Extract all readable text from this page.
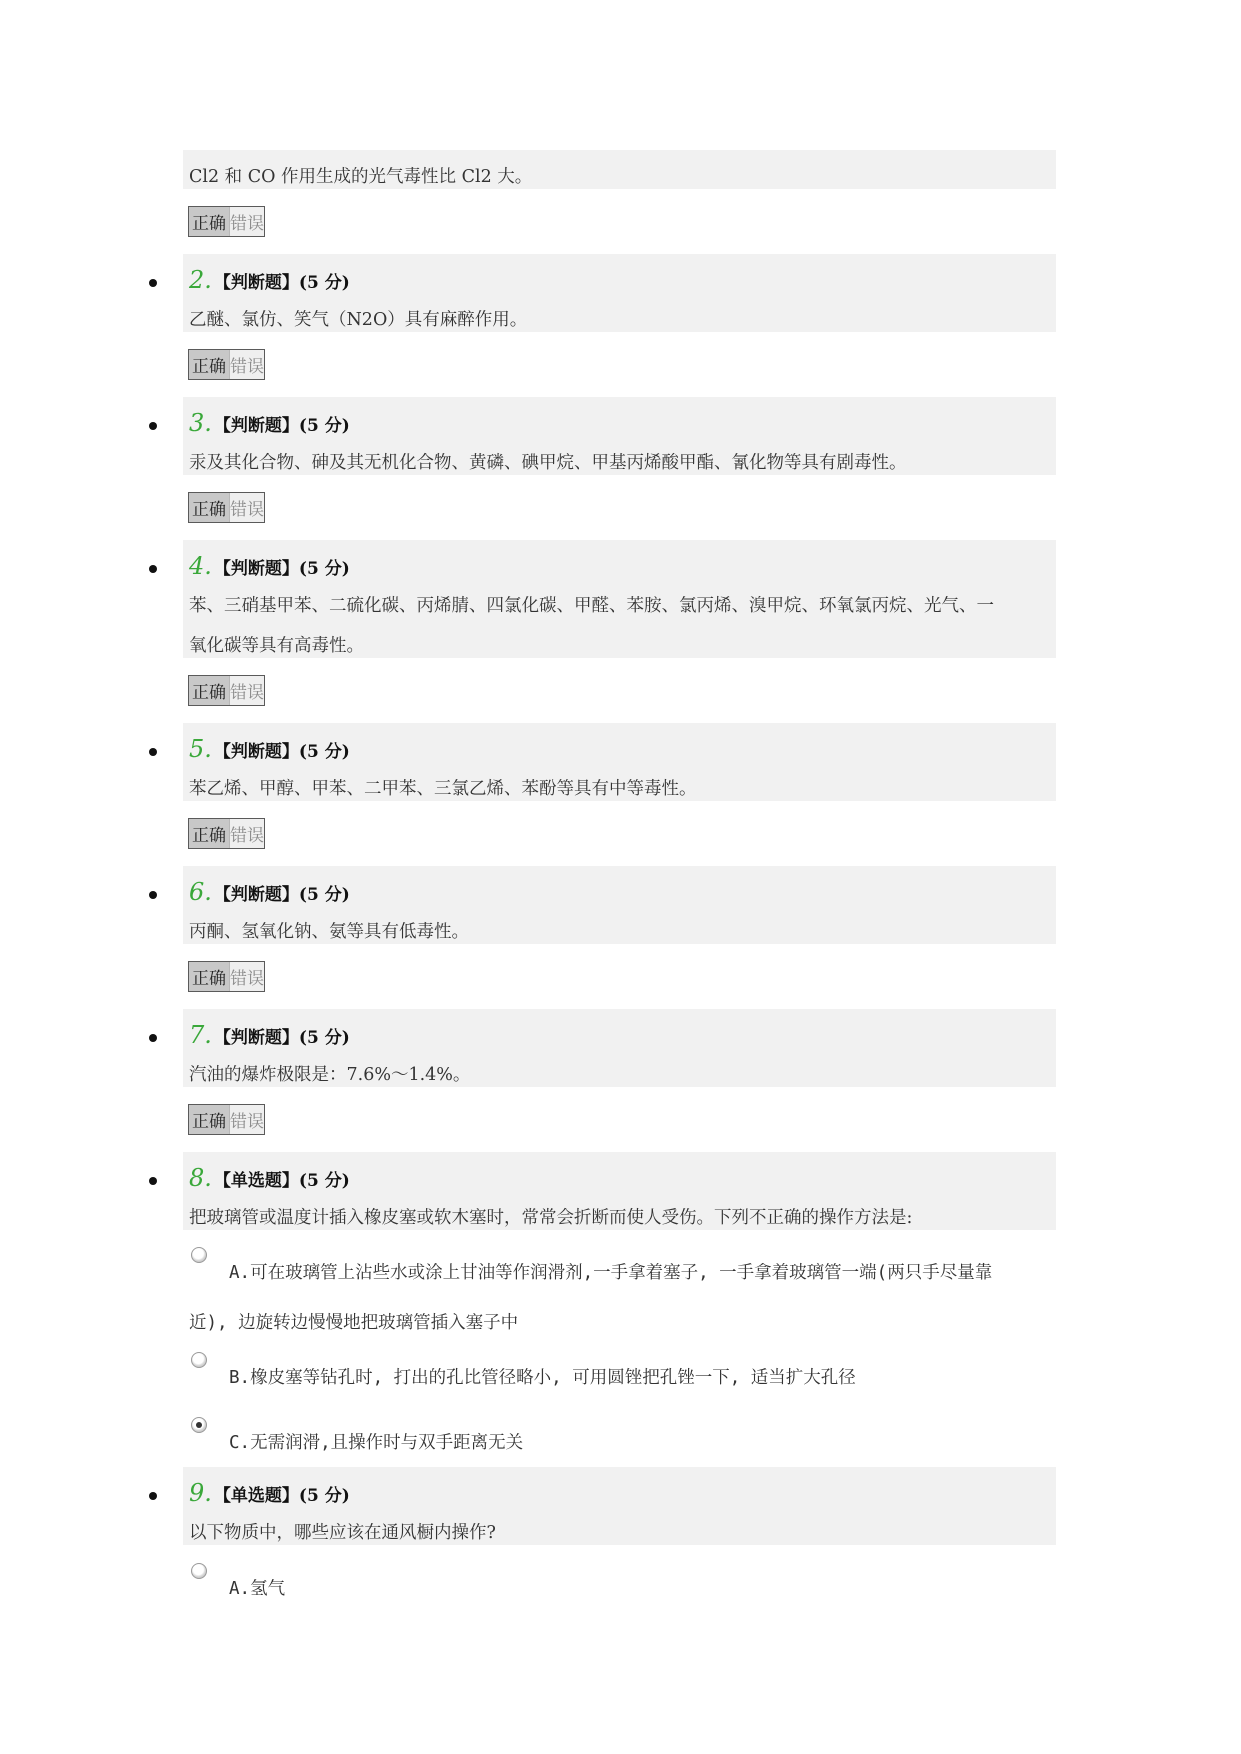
Cl2 和 CO 作用生成的光气毒性比 Cl2 大。
正确 错误
2. 【判断题】(5 分)
乙醚、氯仿、笑气（N2O）具有麻醉作用。
正确 错误
3. 【判断题】(5 分)
汞及其化合物、砷及其无机化合物、黄磷、碘甲烷、甲基丙烯酸甲酯、氰化物等具有剧毒性。
正确 错误
4. 【判断题】(5 分)
苯、三硝基甲苯、二硫化碳、丙烯腈、四氯化碳、甲醛、苯胺、氯丙烯、溴甲烷、环氧氯丙烷、光气、一
氧化碳等具有高毒性。
正确 错误
5. 【判断题】(5 分)
苯乙烯、甲醇、甲苯、二甲苯、三氯乙烯、苯酚等具有中等毒性。
正确 错误
6. 【判断题】(5 分)
丙酮、氢氧化钠、氨等具有低毒性。
正确 错误
7. 【判断题】(5 分)
汽油的爆炸极限是：7.6%～1.4%。
正确 错误
8. 【单选题】(5 分)
把玻璃管或温度计插入橡皮塞或软木塞时，常常会折断而使人受伤。下列不正确的操作方法是:
A.可在玻璃管上沾些水或涂上甘油等作润滑剂,一手拿着塞子, 一手拿着玻璃管一端(两只手尽量靠
近), 边旋转边慢慢地把玻璃管插入塞子中
B.橡皮塞等钻孔时, 打出的孔比管径略小, 可用圆锉把孔锉一下, 适当扩大孔径
C.无需润滑,且操作时与双手距离无关
9. 【单选题】(5 分)
以下物质中，哪些应该在通风橱内操作?
A.氢气
